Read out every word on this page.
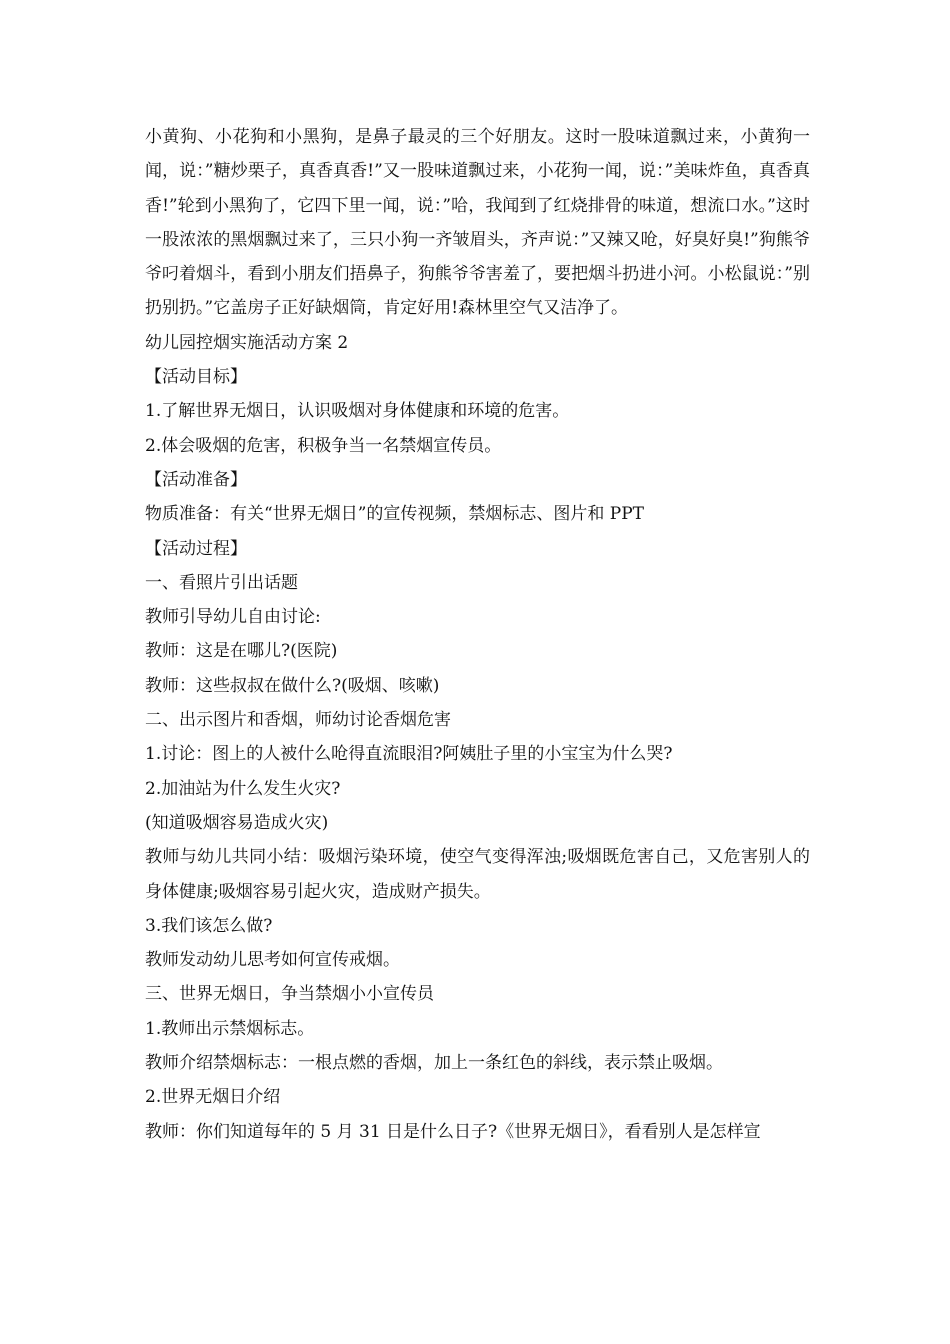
小黄狗、小花狗和小黑狗，是鼻子最灵的三个好朋友。这时一股味道飘过来，小黄狗一闻，说：”糖炒栗子，真香真香!”又一股味道飘过来，小花狗一闻，说：”美味炸鱼，真香真香!”轮到小黑狗了，它四下里一闻，说：”哈，我闻到了红烧排骨的味道，想流口水。”这时一股浓浓的黑烟飘过来了，三只小狗一齐皱眉头，齐声说：”又辣又呛，好臭好臭!”狗熊爷爷叼着烟斗，看到小朋友们捂鼻子，狗熊爷爷害羞了，要把烟斗扔进小河。小松鼠说：”别扔别扔。”它盖房子正好缺烟筒，肯定好用!森林里空气又洁净了。

幼儿园控烟实施活动方案 2

【活动目标】

1.了解世界无烟日，认识吸烟对身体健康和环境的危害。

2.体会吸烟的危害，积极争当一名禁烟宣传员。

【活动准备】

物质准备：有关“世界无烟日”的宣传视频，禁烟标志、图片和 PPT

【活动过程】

一、看照片引出话题

教师引导幼儿自由讨论:

教师：这是在哪儿?(医院)

教师：这些叔叔在做什么?(吸烟、咳嗽)

二、出示图片和香烟，师幼讨论香烟危害

1.讨论：图上的人被什么呛得直流眼泪?阿姨肚子里的小宝宝为什么哭?

2.加油站为什么发生火灾?

(知道吸烟容易造成火灾)

教师与幼儿共同小结：吸烟污染环境，使空气变得浑浊;吸烟既危害自己，又危害别人的身体健康;吸烟容易引起火灾，造成财产损失。

3.我们该怎么做?

教师发动幼儿思考如何宣传戒烟。

三、世界无烟日，争当禁烟小小宣传员

1.教师出示禁烟标志。

教师介绍禁烟标志：一根点燃的香烟，加上一条红色的斜线，表示禁止吸烟。

2.世界无烟日介绍

教师：你们知道每年的 5 月 31 日是什么日子?《世界无烟日》，看看别人是怎样宣
